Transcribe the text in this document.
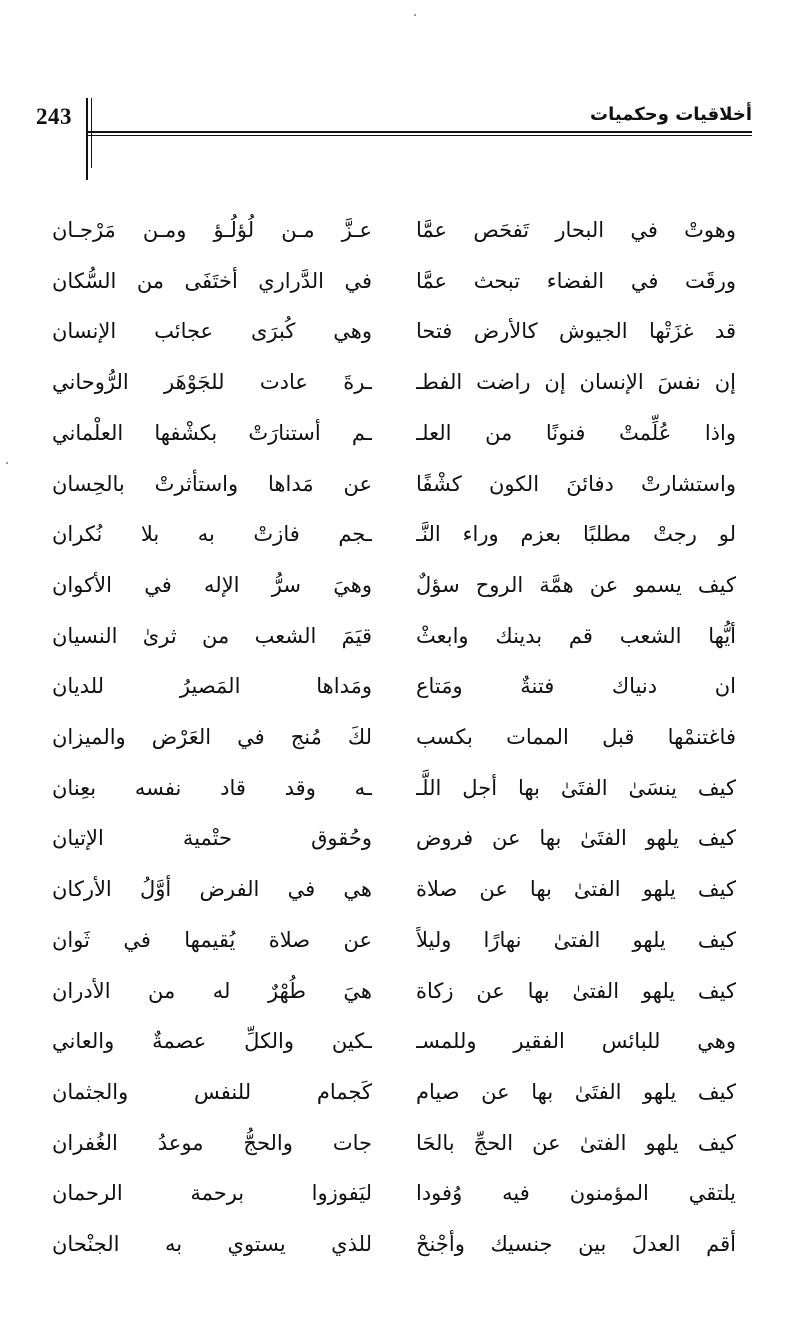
243	أخلاقيات وحكميات
وهوتْ في البحار تَفحَص عمَّا
عـزَّ مـن لُؤلُـؤ ومـن مَرْجـان
ورقَت في الفضاء تبحث عمَّا
في الدَّراري أختَفَى من السُّكان
قد غزَتْها الجيوش كالأرض فتحا
وهي كُبرَى عجائب الإنسان
إن نفسَ الإنسان إن راضت الفطـ
ـرةَ عادت للجَوْهَر الرُّوحاني
واذا عُلِّمتْ فنونًا من العلـ
ـم أستنارَتْ بكشْفها العلْماني
واستشارتْ دفائنَ الكون كشْفًا
عن مَداها واستأثرتْ بالحِسان
لو رجتْ مطلبًا بعزم وراء النَّـ
ـجم فازتْ به بلا نُكران
كيف يسمو عن همَّة الروح سؤلٌ
وهيَ سرُّ الإله في الأكوان
أيُّها الشعب قم بدينك وابعثْ
قيَمَ الشعب من ثرىٰ النسيان
ان دنياك فتنةٌ ومَتاع
ومَداها المَصيرُ للديان
فاغتنمْها قبل الممات بكسب
لكَ مُنج في العَرْض والميزان
كيف ينسَىٰ الفتَىٰ بها أجل اللَّـ
ـه وقد قاد نفسه بعِنان
كيف يلهو الفتَىٰ بها عن فروض
وحُقوق حتْمية الإتيان
كيف يلهو الفتىٰ بها عن صلاة
هي في الفرض أوَّلُ الأركان
كيف يلهو الفتىٰ نهارًا وليلاً
عن صلاة يُقيمها في ثَوان
كيف يلهو الفتىٰ بها عن زكاة
هيَ طُهْرٌ له من الأدران
وهي للبائس الفقير وللمسـ
ـكين والكلِّ عصمةٌ والعاني
كيف يلهو الفتَىٰ بها عن صيام
كَجمام للنفس والجثمان
كيف يلهو الفتىٰ عن الحجِّ بالحَا
جات والحجُّ موعدُ الغُفران
يلتقي المؤمنون فيه وُفودا
ليَفوزوا برحمة الرحمان
أقم العدلَ بين جنسيك وأجْنحْ
للذي يستوي به الجنْحان
